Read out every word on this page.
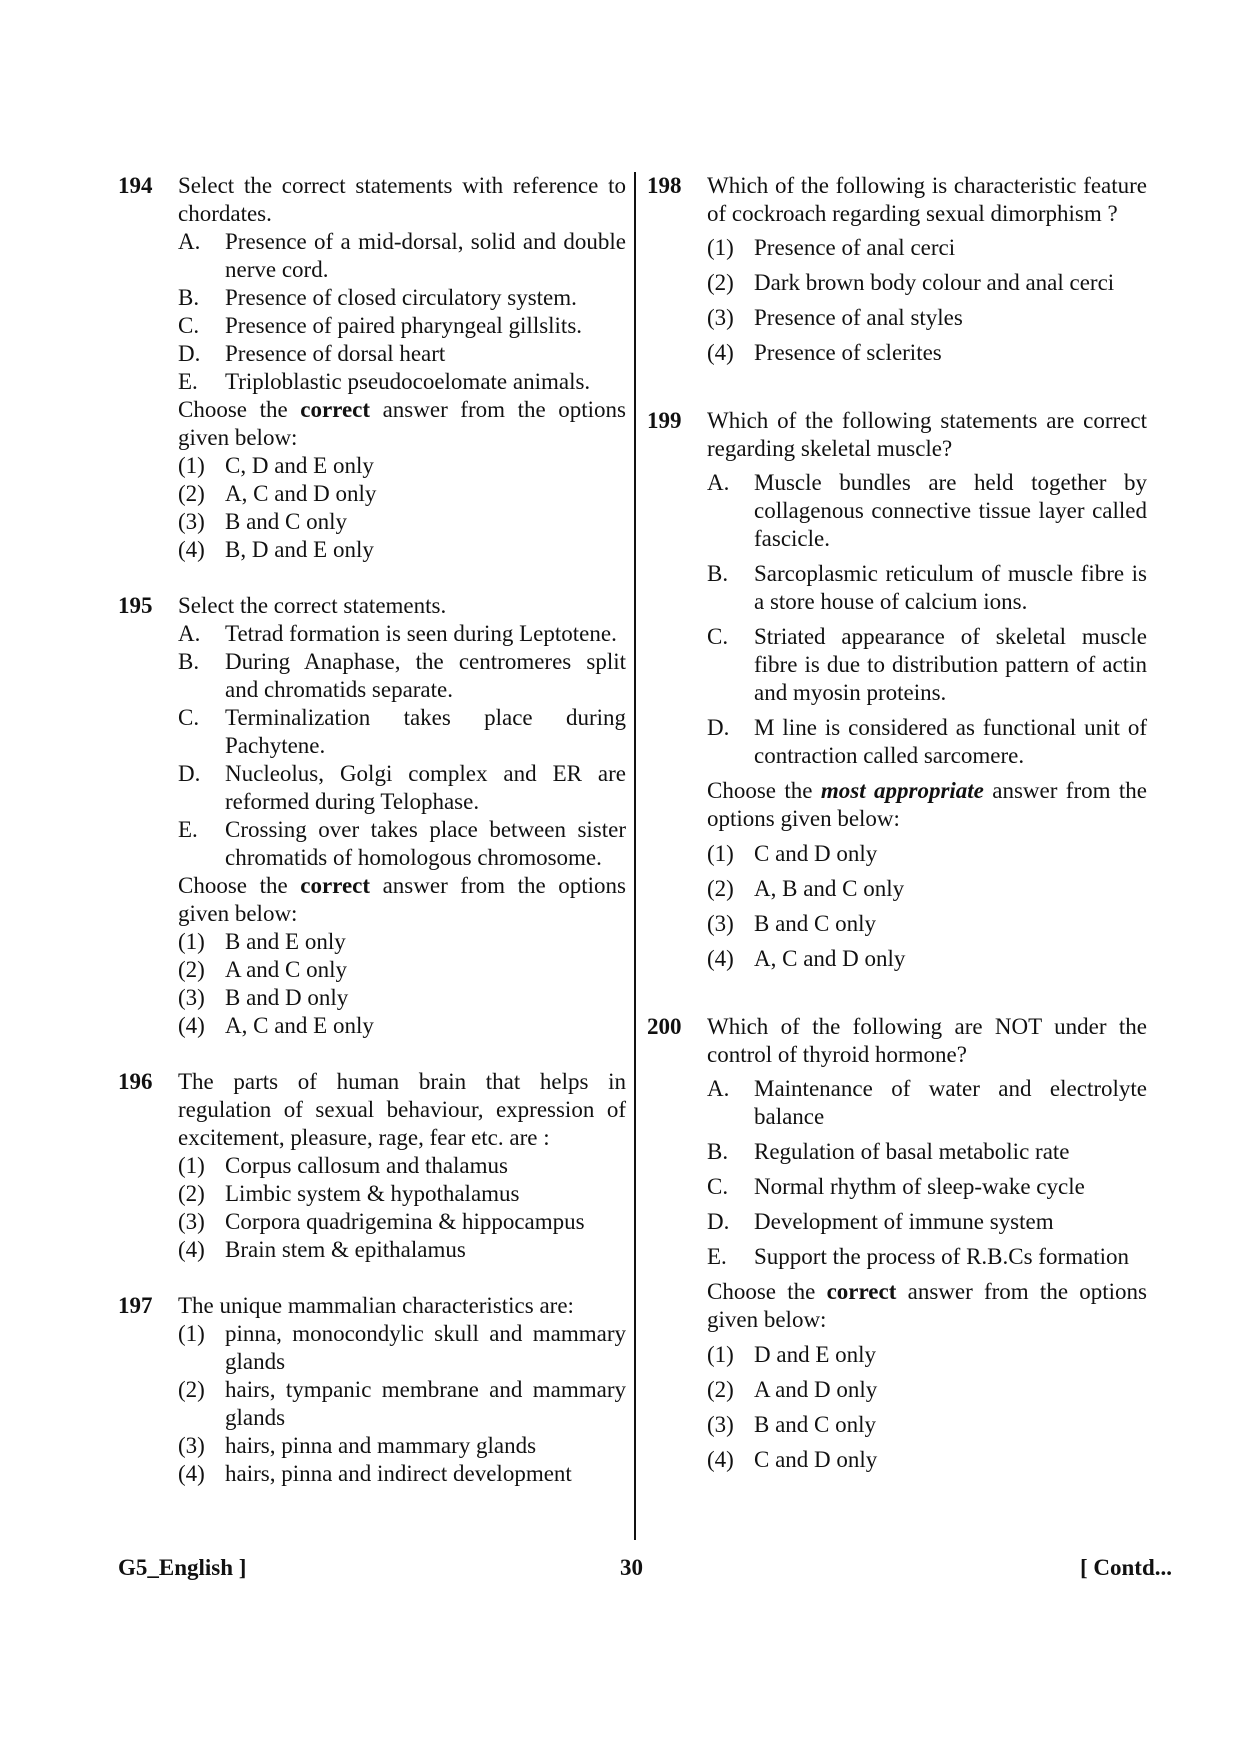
194 Select the correct statements with reference to chordates.
A. Presence of a mid-dorsal, solid and double nerve cord.
B. Presence of closed circulatory system.
C. Presence of paired pharyngeal gillslits.
D. Presence of dorsal heart
E. Triploblastic pseudocoelomate animals.
Choose the correct answer from the options given below:
(1) C, D and E only
(2) A, C and D only
(3) B and C only
(4) B, D and E only
195 Select the correct statements.
A. Tetrad formation is seen during Leptotene.
B. During Anaphase, the centromeres split and chromatids separate.
C. Terminalization takes place during Pachytene.
D. Nucleolus, Golgi complex and ER are reformed during Telophase.
E. Crossing over takes place between sister chromatids of homologous chromosome.
Choose the correct answer from the options given below:
(1) B and E only
(2) A and C only
(3) B and D only
(4) A, C and E only
196 The parts of human brain that helps in regulation of sexual behaviour, expression of excitement, pleasure, rage, fear etc. are :
(1) Corpus callosum and thalamus
(2) Limbic system & hypothalamus
(3) Corpora quadrigemina & hippocampus
(4) Brain stem & epithalamus
197 The unique mammalian characteristics are:
(1) pinna, monocondylic skull and mammary glands
(2) hairs, tympanic membrane and mammary glands
(3) hairs, pinna and mammary glands
(4) hairs, pinna and indirect development
198 Which of the following is characteristic feature of cockroach regarding sexual dimorphism ?
(1) Presence of anal cerci
(2) Dark brown body colour and anal cerci
(3) Presence of anal styles
(4) Presence of sclerites
199 Which of the following statements are correct regarding skeletal muscle?
A. Muscle bundles are held together by collagenous connective tissue layer called fascicle.
B. Sarcoplasmic reticulum of muscle fibre is a store house of calcium ions.
C. Striated appearance of skeletal muscle fibre is due to distribution pattern of actin and myosin proteins.
D. M line is considered as functional unit of contraction called sarcomere.
Choose the most appropriate answer from the options given below:
(1) C and D only
(2) A, B and C only
(3) B and C only
(4) A, C and D only
200 Which of the following are NOT under the control of thyroid hormone?
A. Maintenance of water and electrolyte balance
B. Regulation of basal metabolic rate
C. Normal rhythm of sleep-wake cycle
D. Development of immune system
E. Support the process of R.B.Cs formation
Choose the correct answer from the options given below:
(1) D and E only
(2) A and D only
(3) B and C only
(4) C and D only
G5_English ]	30	[ Contd...
